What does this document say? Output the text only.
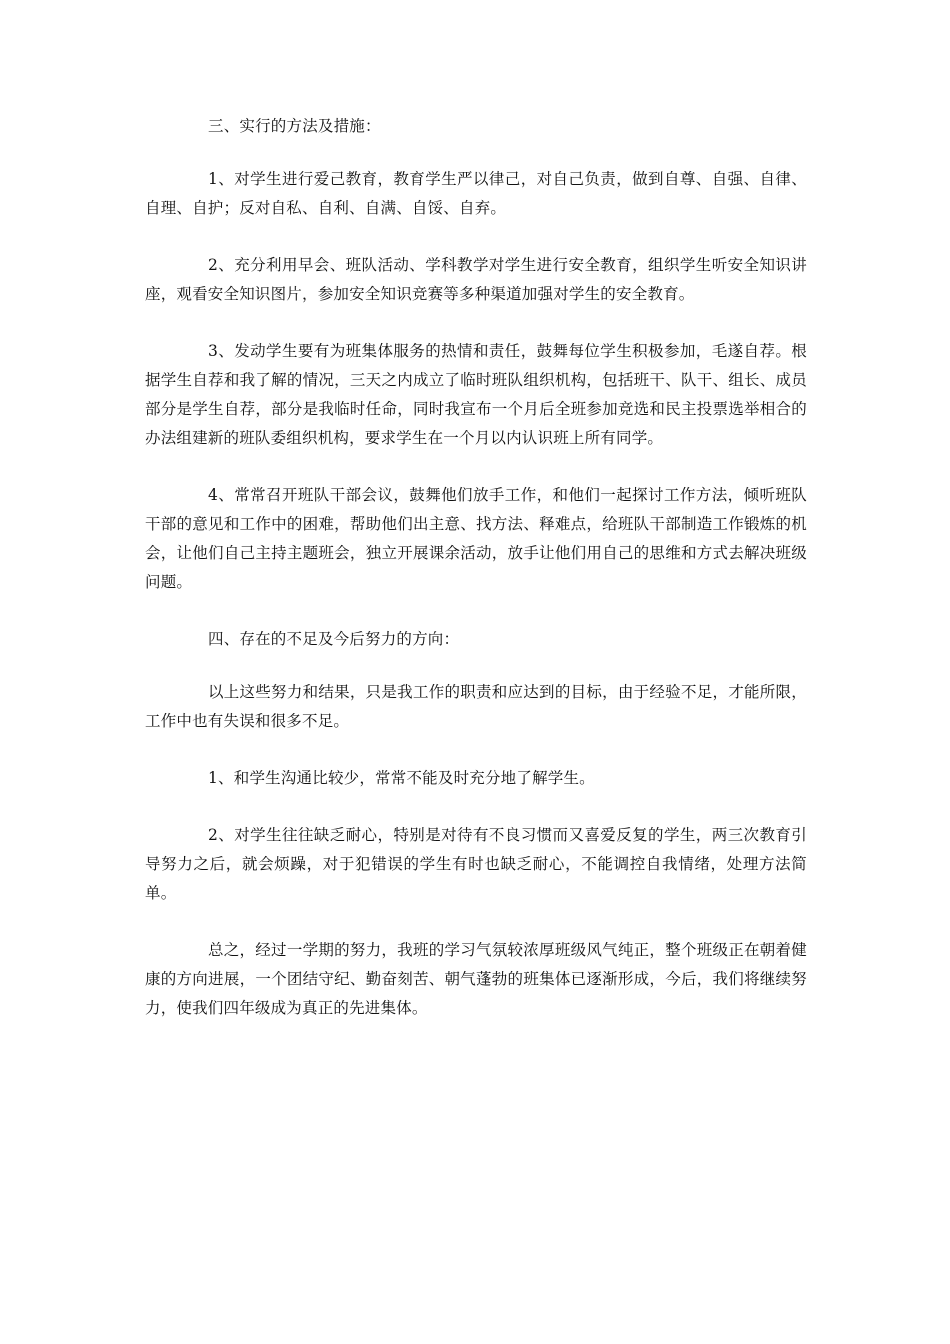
三、实行的方法及措施：

1、对学生进行爱己教育，教育学生严以律己，对自己负责，做到自尊、自强、自律、自理、自护；反对自私、自利、自满、自馁、自弃。

2、充分利用早会、班队活动、学科教学对学生进行安全教育，组织学生听安全知识讲座，观看安全知识图片，参加安全知识竞赛等多种渠道加强对学生的安全教育。

3、发动学生要有为班集体服务的热情和责任，鼓舞每位学生积极参加，毛遂自荐。根据学生自荐和我了解的情况，三天之内成立了临时班队组织机构，包括班干、队干、组长、成员部分是学生自荐，部分是我临时任命，同时我宣布一个月后全班参加竞选和民主投票选举相合的办法组建新的班队委组织机构，要求学生在一个月以内认识班上所有同学。

4、常常召开班队干部会议，鼓舞他们放手工作，和他们一起探讨工作方法，倾听班队干部的意见和工作中的困难，帮助他们出主意、找方法、释难点，给班队干部制造工作锻炼的机会，让他们自己主持主题班会，独立开展课余活动，放手让他们用自己的思维和方式去解决班级问题。

四、存在的不足及今后努力的方向：

以上这些努力和结果，只是我工作的职责和应达到的目标，由于经验不足，才能所限，工作中也有失误和很多不足。

1、和学生沟通比较少，常常不能及时充分地了解学生。

2、对学生往往缺乏耐心，特别是对待有不良习惯而又喜爱反复的学生，两三次教育引导努力之后，就会烦躁，对于犯错误的学生有时也缺乏耐心，不能调控自我情绪，处理方法简单。

总之，经过一学期的努力，我班的学习气氛较浓厚班级风气纯正，整个班级正在朝着健康的方向进展，一个团结守纪、勤奋刻苦、朝气蓬勃的班集体已逐渐形成，今后，我们将继续努力，使我们四年级成为真正的先进集体。
